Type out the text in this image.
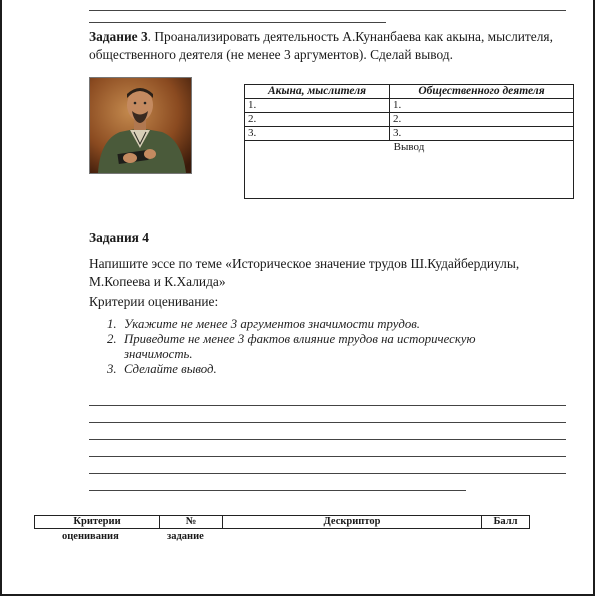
Задание 3. Проанализировать деятельность А.Кунанбаева как акына, мыслителя, общественного деятеля (не менее 3 аргументов). Сделай вывод.
Акына, мыслителя	Общественного деятеля
1.	1.
2.	2.
3.	3.
Вывод	
Задания 4
Напишите эссе по теме «Историческое значение трудов Ш.Кудайбердиулы, М.Копеева и К.Халида»
Критерии оценивание:
1. Укажите не менее 3 аргументов значимости трудов.
2. Приведите не менее 3 фактов влияние трудов на историческую значимость.
3. Сделайте вывод.
Критерии	№	Дескриптор	Балл
оценивания	задание
